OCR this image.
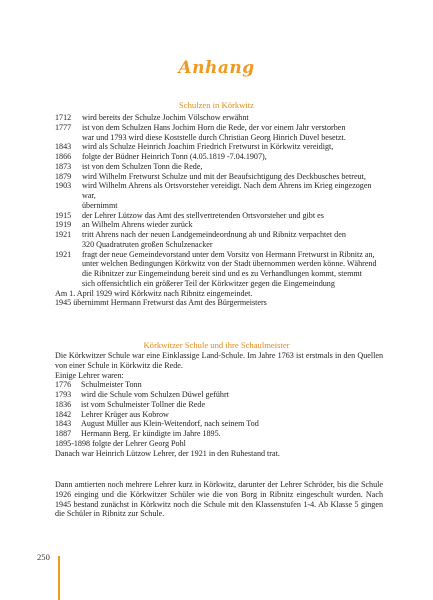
Anhang
Schulzen in Körkwitz
1712	wird bereits der Schulze Jochim Völschow erwähnt
1777	ist von dem Schulzen Hans Jochim Horn die Rede, der vor einem Jahr verstorben
war und 1793 wird diese Koststelle durch Christian Georg Hinrich Duvel besetzt.
1843	wird als Schulze Heinrich Joachim Friedrich Fretwurst in Körkwitz vereidigt,
1866	folgte der Büdner Heinrich Tonn (4.05.1819 -7.04.1907),
1873	ist von dem Schulzen Tonn die Rede,
1879	wird Wilhelm Fretwurst Schulze und mit der Beaufsichtigung des Deckbusches betreut,
1903	wird Wilhelm Ahrens als Ortsvorsteher vereidigt. Nach dem Ahrens im Krieg eingezogen war,
übernimmt
1915	der Lehrer Lützow das Amt des stellvertretenden Ortsvorsteher und gibt es
1919	an Wilhelm Ahrens wieder zurück
1921	tritt Ahrens nach der neuen Landgemeindeordnung ab und Ribnitz verpachtet den
320 Quadratruten großen Schulzenacker
1921	fragt der neue Gemeindevorstand unter dem Vorsitz von Hermann Fretwurst in Ribnitz an,
unter welchen Bedingungen Körkwitz von der Stadt übernommen werden könne. Während
die Ribnitzer zur Eingemeindung bereit sind und es zu Verhandlungen kommt, stemmt
sich offensichtlich ein größerer Teil der Körkwitzer gegen die Eingemeindung
Am 1. April 1929 wird Körkwitz nach Ribnitz eingemeindet.
1945 übernimmt Hermann Fretwurst das Amt des Bürgermeisters
Körkwitzer Schule und ihre Schaulmeister
Die Körkwitzer Schule war eine Einklassige Land-Schule. Im Jahre 1763 ist erstmals in den Quellen von einer Schule in Körkwitz die Rede.
Einige Lehrer waren:
1776 Schulmeister Tonn
1793 wird die Schule vom Schulzen Düwel geführt
1836 ist vom Schulmeister Tollner die Rede
1842 Lehrer Krüger aus Kobrow
1843 August Müller aus Klein-Weitendorf, nach seinem Tod
1887 Hermann Berg. Er kündigte im Jahre 1895.
1895-1898 folgte der Lehrer Georg Pohl
Danach war Heinrich Lützow Lehrer, der 1921 in den Ruhestand trat.
Dann amtierten noch mehrere Lehrer kurz in Körkwitz, darunter der Lehrer Schröder, bis die Schule 1926 einging und die Körkwitzer Schüler wie die von Borg in Ribnitz eingeschult wurden. Nach 1945 bestand zunächst in Körkwitz noch die Schule mit den Klassenstufen 1-4. Ab Klasse 5 gingen die Schüler in Ribnitz zur Schule.
250
